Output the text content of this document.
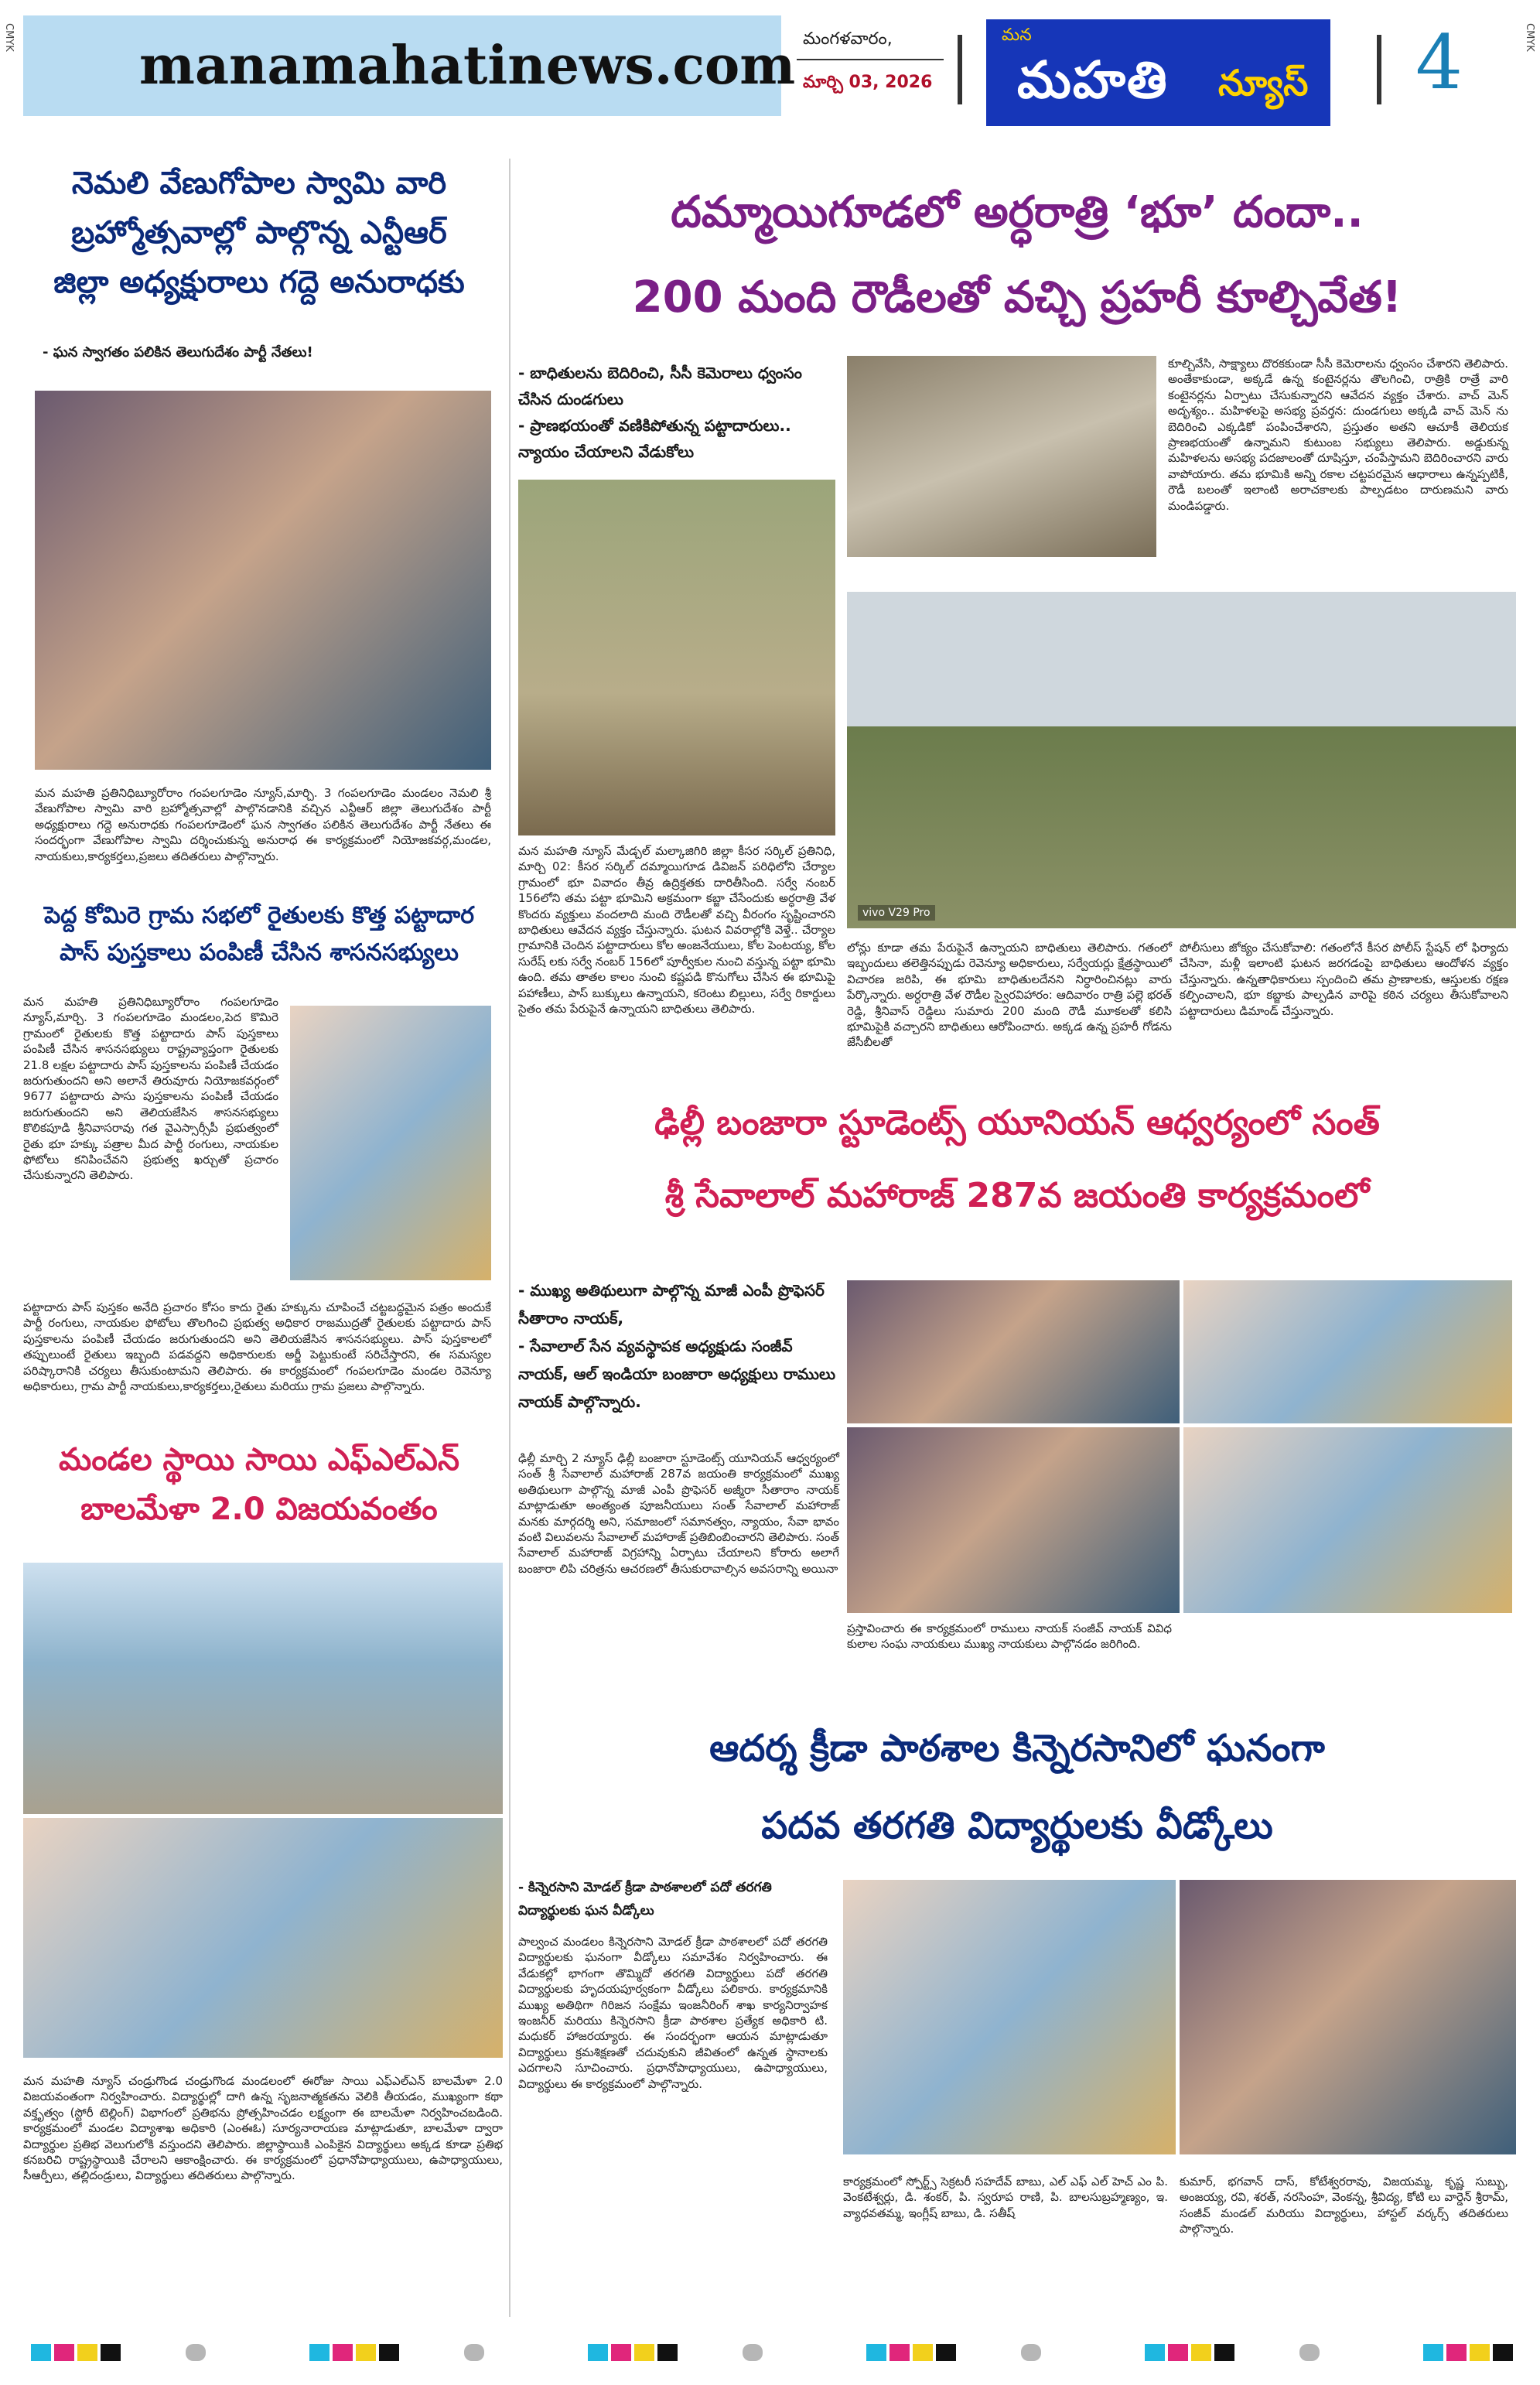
manamahatinews.com మంగళవారం,
మార్చి 03, 2026
మన
మహతి న్యూస్ 4
CMYK	CMYK
నెమలి వేణుగోపాల స్వామి వారి
బ్రహ్మోత్సవాల్లో పాల్గొన్న ఎన్టీఆర్
జిల్లా అధ్యక్షురాలు గద్దె అనురాధకు
- ఘన స్వాగతం పలికిన తెలుగుదేశం పార్టీ నేతలు!
మన మహతి ప్రతినిధిబ్యూరోరాం గంపలగూడెం న్యూస్,మార్చి. 3 గంపలగూడెం మండలం నెమలి శ్రీ వేణుగోపాల స్వామి వారి బ్రహ్మోత్సవాల్లో పాల్గొనడానికి వచ్చిన ఎన్టీఆర్ జిల్లా తెలుగుదేశం పార్టీ అధ్యక్షురాలు గద్దె అనురాధకు గంపలగూడెంలో ఘన స్వాగతం పలికిన తెలుగుదేశం పార్టీ నేతలు ఈ సందర్భంగా వేణుగోపాల స్వామి దర్శించుకున్న అనురాధ ఈ కార్యక్రమంలో నియోజకవర్గ,మండల, నాయకులు,కార్యకర్తలు,ప్రజలు తదితరులు పాల్గొన్నారు.
పెద్ద కోమిరె గ్రామ సభలో రైతులకు కొత్త పట్టాదార
పాస్ పుస్తకాలు పంపిణీ చేసిన శాసనసభ్యులు
మన మహతి ప్రతినిధిబ్యూరోరాం గంపలగూడెం న్యూస్,మార్చి. 3 గంపలగూడెం మండలం,పెద కొమిరె గ్రామంలో రైతులకు కొత్త పట్టాదారు పాస్ పుస్తకాలు పంపిణీ చేసిన శాసనసభ్యులు రాష్ట్రవ్యాప్తంగా రైతులకు 21.8 లక్షల పట్టాదారు పాస్ పుస్తకాలను పంపిణీ చేయడం జరుగుతుందని అని అలానే తిరువూరు నియోజకవర్గంలో 9677 పట్టాదారు పాసు పుస్తకాలను పంపిణీ చేయడం జరుగుతుందని అని తెలియజేసిన శాసనసభ్యులు కొలికపూడి శ్రీనివాసరావు గత వైఎస్సార్సీపీ ప్రభుత్వంలో రైతు భూ హక్కు పత్రాల మీద పార్టీ రంగులు, నాయకుల ఫోటోలు కనిపించేవని ప్రభుత్వ ఖర్చుతో ప్రచారం చేసుకున్నారని తెలిపారు.
పట్టాదారు పాస్ పుస్తకం అనేది ప్రచారం కోసం కాదు రైతు హక్కును చూపించే చట్టబద్ధమైన పత్రం అందుకే పార్టీ రంగులు, నాయకుల ఫోటోలు తొలగించి ప్రభుత్వ అధికార రాజముద్రతో రైతులకు పట్టాదారు పాస్ పుస్తకాలను పంపిణీ చేయడం జరుగుతుందని అని తెలియజేసిన శాసనసభ్యులు. పాస్ పుస్తకాలలో తప్పులుంటే రైతులు ఇబ్బంది పడవద్దని అధికారులకు అర్జీ పెట్టుకుంటే సరిచేస్తారని, ఈ సమస్యల పరిష్కారానికి చర్యలు తీసుకుంటామని తెలిపారు. ఈ కార్యక్రమంలో గంపలగూడెం మండల రెవెన్యూ అధికారులు, గ్రామ పార్టీ నాయకులు,కార్యకర్తలు,రైతులు మరియు గ్రామ ప్రజలు పాల్గొన్నారు.
మండల స్థాయి సాయి ఎఫ్ఎల్ఎన్
బాలమేళా 2.0 విజయవంతం
మన మహతి న్యూస్ చండ్రుగొండ చండ్రుగొండ మండలంలో ఈరోజు సాయి ఎఫ్ఎల్ఎన్ బాలమేళా 2.0 విజయవంతంగా నిర్వహించారు. విద్యార్థుల్లో దాగి ఉన్న సృజనాత్మకతను వెలికి తీయడం, ముఖ్యంగా కథా వక్తృత్వం (స్టోరీ టెల్లింగ్) విభాగంలో ప్రతిభను ప్రోత్సహించడం లక్ష్యంగా ఈ బాలమేళా నిర్వహించబడింది. కార్యక్రమంలో మండల విద్యాశాఖ అధికారి (ఎంఈఓ) సూర్యనారాయణ మాట్లాడుతూ, బాలమేళా ద్వారా విద్యార్థుల ప్రతిభ వెలుగులోకి వస్తుందని తెలిపారు. జిల్లాస్థాయికి ఎంపికైన విద్యార్థులు అక్కడ కూడా ప్రతిభ కనబరిచి రాష్ట్రస్థాయికి చేరాలని ఆకాంక్షించారు. ఈ కార్యక్రమంలో ప్రధానోపాధ్యాయులు, ఉపాధ్యాయులు, సీఆర్పీలు, తల్లిదండ్రులు, విద్యార్థులు తదితరులు పాల్గొన్నారు.
దమ్మాయిగూడలో అర్ధరాత్రి ‘భూ’ దందా..
200 మంది రౌడీలతో వచ్చి ప్రహరీ కూల్చివేత!
- బాధితులను బెదిరించి, సీసీ కెమెరాలు ధ్వంసం చేసిన దుండగులు
- ప్రాణభయంతో వణికిపోతున్న పట్టాదారులు.. న్యాయం చేయాలని వేడుకోలు
మన మహతి న్యూస్ మేడ్చల్ మల్కాజిగిరి జిల్లా కీసర సర్కిల్ ప్రతినిధి, మార్చి 02: కీసర సర్కిల్ దమ్మాయిగూడ డివిజన్ పరిధిలోని చేర్యాల గ్రామంలో భూ వివాదం తీవ్ర ఉద్రిక్తతకు దారితీసింది. సర్వే నంబర్ 156లోని తమ పట్టా భూమిని అక్రమంగా కబ్జా చేసేందుకు అర్ధరాత్రి వేళ కొందరు వ్యక్తులు వందలాది మంది రౌడీలతో వచ్చి వీరంగం సృష్టించారని బాధితులు ఆవేదన వ్యక్తం చేస్తున్నారు. ఘటన వివరాల్లోకి వెళ్తే.. చేర్యాల గ్రామానికి చెందిన పట్టాదారులు కోల అంజనేయులు, కోల పెంటయ్య, కోల సురేష్ లకు సర్వే నంబర్ 156లో పూర్వీకుల నుంచి వస్తున్న పట్టా భూమి ఉంది. తమ తాతల కాలం నుంచి కష్టపడి కొనుగోలు చేసిన ఈ భూమిపై పహాణీలు, పాస్ బుక్కులు ఉన్నాయని, కరెంటు బిల్లులు, సర్వే రికార్డులు సైతం తమ పేరుపైనే ఉన్నాయని బాధితులు తెలిపారు.
కూల్చివేసి, సాక్ష్యాలు దొరకకుండా సీసీ కెమెరాలను ధ్వంసం చేశారని తెలిపారు. అంతేకాకుండా, అక్కడే ఉన్న కంటైనర్లను తొలగించి, రాత్రికి రాత్రే వారి కంటైనర్లను ఏర్పాటు చేసుకున్నారని ఆవేదన వ్యక్తం చేశారు. వాచ్ మెన్ అదృశ్యం.. మహిళలపై అసభ్య ప్రవర్తన: దుండగులు అక్కడి వాచ్ మెన్ ను బెదిరించి ఎక్కడికో పంపించేశారని, ప్రస్తుతం అతని ఆచూకీ తెలియక ప్రాణభయంతో ఉన్నామని కుటుంబ సభ్యులు తెలిపారు. అడ్డుకున్న మహిళలను అసభ్య పదజాలంతో దూషిస్తూ, చంపేస్తామని బెదిరించారని వారు వాపోయారు. తమ భూమికి అన్ని రకాల చట్టపరమైన ఆధారాలు ఉన్నప్పటికీ, రౌడీ బలంతో ఇలాంటి అరాచకాలకు పాల్పడటం దారుణమని వారు మండిపడ్డారు.
vivo V29 Pro
లోన్లు కూడా తమ పేరుపైనే ఉన్నాయని బాధితులు తెలిపారు. గతంలో ఇబ్బందులు తలెత్తినప్పుడు రెవెన్యూ అధికారులు, సర్వేయర్లు క్షేత్రస్థాయిలో విచారణ జరిపి, ఈ భూమి బాధితులదేనని నిర్ధారించినట్లు వారు పేర్కొన్నారు. అర్ధరాత్రి వేళ రౌడీల స్వైరవిహారం: ఆదివారం రాత్రి పల్లె భరత్ రెడ్డి, శ్రీనివాస్ రెడ్డిలు సుమారు 200 మంది రౌడీ మూకలతో కలిసి భూమిపైకి వచ్చారని బాధితులు ఆరోపించారు. అక్కడ ఉన్న ప్రహరీ గోడను జేసీబీలతో
పోలీసులు జోక్యం చేసుకోవాలి: గతంలోనే కీసర పోలీస్ స్టేషన్ లో ఫిర్యాదు చేసినా, మళ్లీ ఇలాంటి ఘటన జరగడంపై బాధితులు ఆందోళన వ్యక్తం చేస్తున్నారు. ఉన్నతాధికారులు స్పందించి తమ ప్రాణాలకు, ఆస్తులకు రక్షణ కల్పించాలని, భూ కబ్జాకు పాల్పడిన వారిపై కఠిన చర్యలు తీసుకోవాలని పట్టాదారులు డిమాండ్ చేస్తున్నారు.
ఢిల్లీ బంజారా స్టూడెంట్స్ యూనియన్ ఆధ్వర్యంలో సంత్
శ్రీ సేవాలాల్ మహారాజ్ 287వ జయంతి కార్యక్రమంలో
- ముఖ్య అతిథులుగా పాల్గొన్న మాజీ ఎంపీ ప్రొఫెసర్ సీతారాం నాయక్,
- సేవాలాల్ సేన వ్యవస్థాపక అధ్యక్షుడు సంజీవ్ నాయక్, ఆల్ ఇండియా బంజారా అధ్యక్షులు రాములు నాయక్ పాల్గొన్నారు.
ఢిల్లీ మార్చి 2 న్యూస్ ఢిల్లీ బంజారా స్టూడెంట్స్ యూనియన్ ఆధ్వర్యంలో సంత్ శ్రీ సేవాలాల్ మహారాజ్ 287వ జయంతి కార్యక్రమంలో ముఖ్య అతిథులుగా పాల్గొన్న మాజీ ఎంపీ ప్రొఫెసర్ అజ్మీరా సీతారాం నాయక్ మాట్లాడుతూ అంత్యంత పూజనీయులు సంత్ సేవాలాల్ మహారాజ్ మనకు మార్గదర్శి అని, సమాజంలో సమానత్వం, న్యాయం, సేవా భావం వంటి విలువలను సేవాలాల్ మహారాజ్ ప్రతిబింబించారని తెలిపారు. సంత్ సేవాలాల్ మహారాజ్ విగ్రహాన్ని ఏర్పాటు చేయాలని కోరారు అలాగే బంజారా లిపి చరిత్రను ఆచరణలో తీసుకురావాల్సిన అవసరాన్ని అయినా
ప్రస్తావించారు ఈ కార్యక్రమంలో రాములు నాయక్ సంజీవ్ నాయక్ వివిధ కులాల సంఘ నాయకులు ముఖ్య నాయకులు పాల్గొనడం జరిగింది.
ఆదర్శ క్రీడా పాఠశాల కిన్నెరసానిలో ఘనంగా
పదవ తరగతి విద్యార్థులకు వీడ్కోలు
- కిన్నెరసాని మోడల్ క్రీడా పాఠశాలలో పదో తరగతి విద్యార్థులకు ఘన వీడ్కోలు
పాల్వంచ మండలం కిన్నెరసాని మోడల్ క్రీడా పాఠశాలలో పదో తరగతి విద్యార్థులకు ఘనంగా వీడ్కోలు సమావేశం నిర్వహించారు. ఈ వేడుకల్లో భాగంగా తొమ్మిదో తరగతి విద్యార్థులు పదో తరగతి విద్యార్థులకు హృదయపూర్వకంగా వీడ్కోలు పలికారు. కార్యక్రమానికి ముఖ్య అతిథిగా గిరిజన సంక్షేమ ఇంజనీరింగ్ శాఖ కార్యనిర్వాహక ఇంజనీర్ మరియు కిన్నెరసాని క్రీడా పాఠశాల ప్రత్యేక అధికారి టి. మధుకర్ హాజరయ్యారు. ఈ సందర్భంగా ఆయన మాట్లాడుతూ విద్యార్థులు క్రమశిక్షణతో చదువుకుని జీవితంలో ఉన్నత స్థానాలకు ఎదగాలని సూచించారు. ప్రధానోపాధ్యాయులు, ఉపాధ్యాయులు, విద్యార్థులు ఈ కార్యక్రమంలో పాల్గొన్నారు.
కార్యక్రమంలో స్పోర్ట్స్ సెక్రటరీ సహదేవ్ బాబు, ఎల్ ఎఫ్ ఎల్ హెచ్ ఎం పి. వెంకటేశ్వర్లు, డి. శంకర్, పి. స్వరూప రాణి, పి. బాలసుబ్రహ్మణ్యం, ఇ. వ్యాధవతమ్మ, ఇంగ్లీష్ బాబు, డి. సతీష్
కుమార్, భగవాన్ దాస్, కోటేశ్వరరావు, విజయమ్మ, కృష్ణ సుబ్బు, అంజయ్య, రవి, శరత్, నరసింహ, వెంకన్న, శ్రీవిద్య, కోటి లు వార్డెన్ శ్రీరామ్, సంజీవ్ మండల్ మరియు విద్యార్థులు, హాస్టల్ వర్కర్స్ తదితరులు పాల్గొన్నారు.
